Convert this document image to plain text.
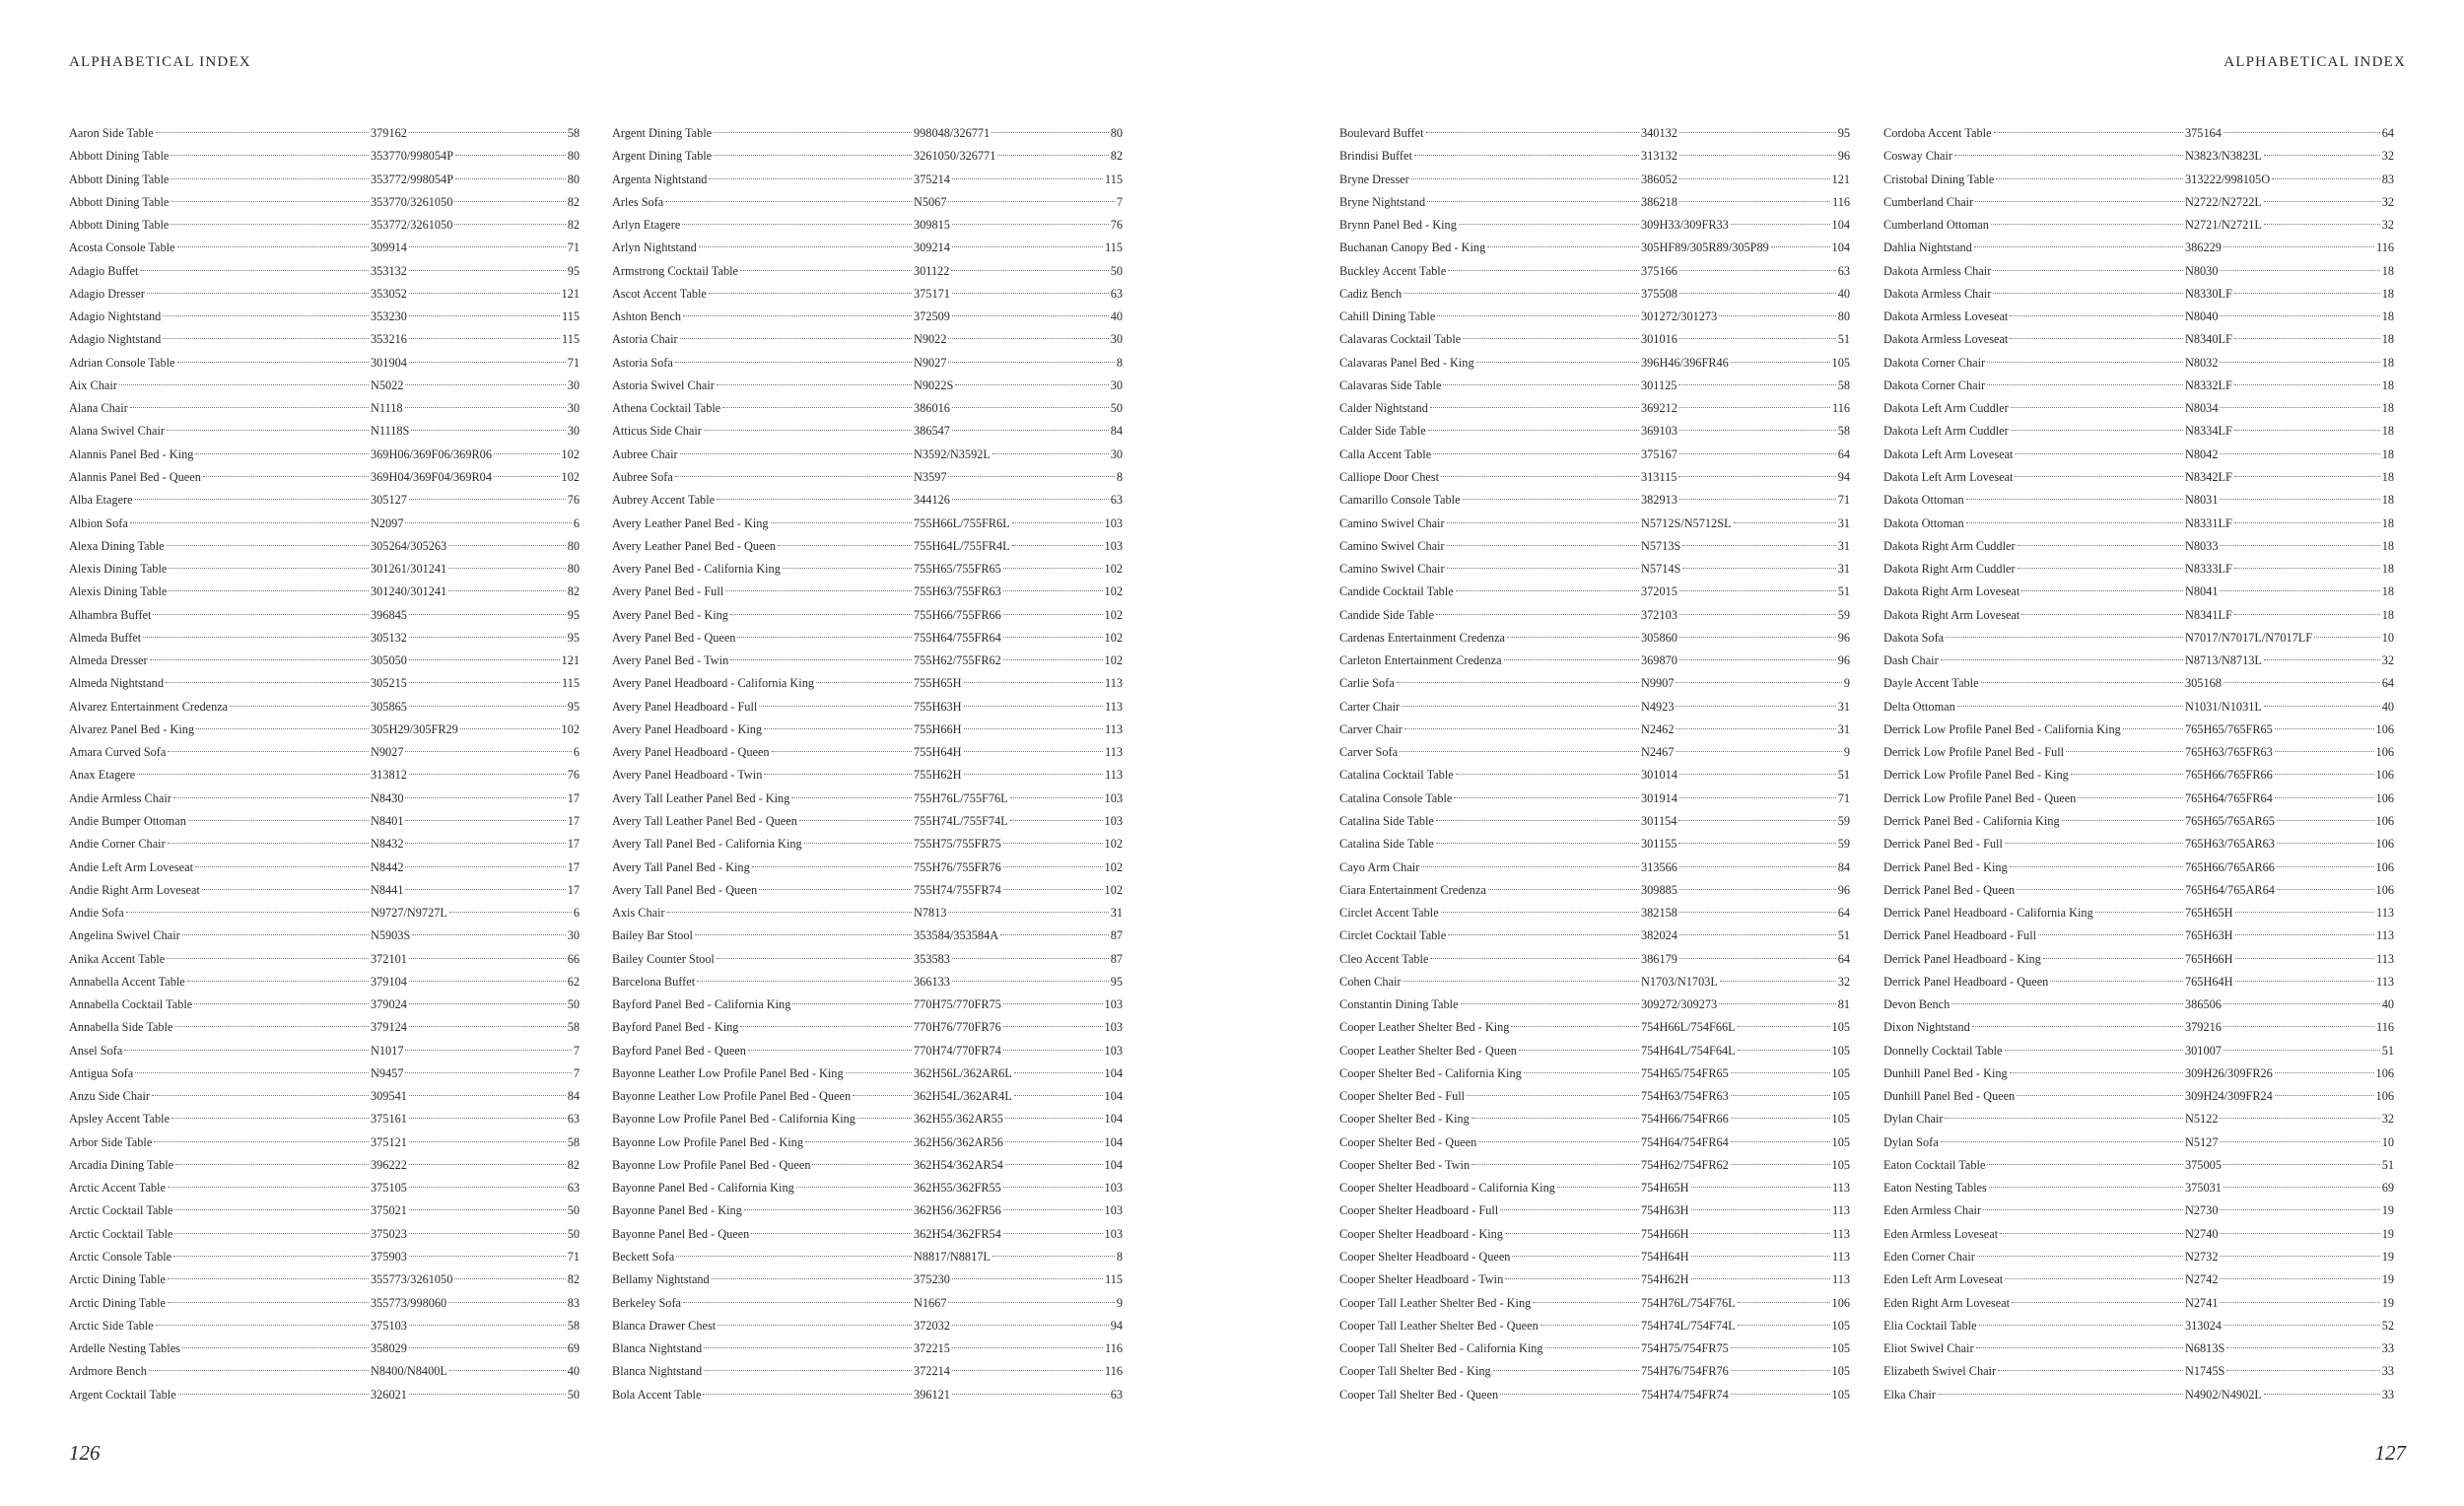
ALPHABETICAL INDEX	ALPHABETICAL INDEX
Aaron Side Table	379162	58
Abbott Dining Table	353770/998054P	80
Abbott Dining Table	353772/998054P	80
Abbott Dining Table	353770/3261050	82
Abbott Dining Table	353772/3261050	82
Acosta Console Table	309914	71
Adagio Buffet	353132	95
Adagio Dresser	353052	121
Adagio Nightstand	353230	115
Adagio Nightstand	353216	115
Adrian Console Table	301904	71
Aix Chair	N5022	30
Alana Chair	N1118	30
Alana Swivel Chair	N1118S	30
Alannis Panel Bed - King	369H06/369F06/369R06	102
Alannis Panel Bed - Queen	369H04/369F04/369R04	102
Alba Etagere	305127	76
Albion Sofa	N2097	6
Alexa Dining Table	305264/305263	80
Alexis Dining Table	301261/301241	80
Alexis Dining Table	301240/301241	82
Alhambra Buffet	396845	95
Almeda Buffet	305132	95
Almeda Dresser	305050	121
Almeda Nightstand	305215	115
Alvarez Entertainment Credenza	305865	95
Alvarez Panel Bed - King	305H29/305FR29	102
Amara Curved Sofa	N9027	6
Anax Etagere	313812	76
Andie Armless Chair	N8430	17
Andie Bumper Ottoman	N8401	17
Andie Corner Chair	N8432	17
Andie Left Arm Loveseat	N8442	17
Andie Right Arm Loveseat	N8441	17
Andie Sofa	N9727/N9727L	6
Angelina Swivel Chair	N5903S	30
Anika Accent Table	372101	66
Annabella Accent Table	379104	62
Annabella Cocktail Table	379024	50
Annabella Side Table	379124	58
Ansel Sofa	N1017	7
Antigua Sofa	N9457	7
Anzu Side Chair	309541	84
Apsley Accent Table	375161	63
Arbor Side Table	375121	58
Arcadia Dining Table	396222	82
Arctic Accent Table	375105	63
Arctic Cocktail Table	375021	50
Arctic Cocktail Table	375023	50
Arctic Console Table	375903	71
Arctic Dining Table	355773/3261050	82
Arctic Dining Table	355773/998060	83
Arctic Side Table	375103	58
Ardelle Nesting Tables	358029	69
Ardmore Bench	N8400/N8400L	40
Argent Cocktail Table	326021	50
Argent Dining Table	998048/326771	80
Argent Dining Table	3261050/326771	82
Argenta Nightstand	375214	115
Arles Sofa	N5067	7
Arlyn Etagere	309815	76
Arlyn Nightstand	309214	115
Armstrong Cocktail Table	301122	50
Ascot Accent Table	375171	63
Ashton Bench	372509	40
Astoria Chair	N9022	30
Astoria Sofa	N9027	8
Astoria Swivel Chair	N9022S	30
Athena Cocktail Table	386016	50
Atticus Side Chair	386547	84
Aubree Chair	N3592/N3592L	30
Aubree Sofa	N3597	8
Aubrey Accent Table	344126	63
Avery Leather Panel Bed - King	755H66L/755FR6L	103
Avery Leather Panel Bed - Queen	755H64L/755FR4L	103
Avery Panel Bed - California King	755H65/755FR65	102
Avery Panel Bed - Full	755H63/755FR63	102
Avery Panel Bed - King	755H66/755FR66	102
Avery Panel Bed - Queen	755H64/755FR64	102
Avery Panel Bed - Twin	755H62/755FR62	102
Avery Panel Headboard - California King	755H65H	113
Avery Panel Headboard - Full	755H63H	113
Avery Panel Headboard - King	755H66H	113
Avery Panel Headboard - Queen	755H64H	113
Avery Panel Headboard - Twin	755H62H	113
Avery Tall Leather Panel Bed - King	755H76L/755F76L	103
Avery Tall Leather Panel Bed - Queen	755H74L/755F74L	103
Avery Tall Panel Bed - California King	755H75/755FR75	102
Avery Tall Panel Bed - King	755H76/755FR76	102
Avery Tall Panel Bed - Queen	755H74/755FR74	102
Axis Chair	N7813	31
Bailey Bar Stool	353584/353584A	87
Bailey Counter Stool	353583	87
Barcelona Buffet	366133	95
Bayford Panel Bed - California King	770H75/770FR75	103
Bayford Panel Bed - King	770H76/770FR76	103
Bayford Panel Bed - Queen	770H74/770FR74	103
Bayonne Leather Low Profile Panel Bed - King	362H56L/362AR6L	104
Bayonne Leather Low Profile Panel Bed - Queen	362H54L/362AR4L	104
Bayonne Low Profile Panel Bed - California King	362H55/362AR55	104
Bayonne Low Profile Panel Bed - King	362H56/362AR56	104
Bayonne Low Profile Panel Bed - Queen	362H54/362AR54	104
Bayonne Panel Bed - California King	362H55/362FR55	103
Bayonne Panel Bed - King	362H56/362FR56	103
Bayonne Panel Bed - Queen	362H54/362FR54	103
Beckett Sofa	N8817/N8817L	8
Bellamy Nightstand	375230	115
Berkeley Sofa	N1667	9
Blanca Drawer Chest	372032	94
Blanca Nightstand	372215	116
Blanca Nightstand	372214	116
Bola Accent Table	396121	63
Boulevard Buffet	340132	95
Brindisi Buffet	313132	96
Bryne Dresser	386052	121
Bryne Nightstand	386218	116
Brynn Panel Bed - King	309H33/309FR33	104
Buchanan Canopy Bed - King	305HF89/305R89/305P89	104
Buckley Accent Table	375166	63
Cadiz Bench	375508	40
Cahill Dining Table	301272/301273	80
Calavaras Cocktail Table	301016	51
Calavaras Panel Bed - King	396H46/396FR46	105
Calavaras Side Table	301125	58
Calder Nightstand	369212	116
Calder Side Table	369103	58
Calla Accent Table	375167	64
Calliope Door Chest	313115	94
Camarillo Console Table	382913	71
Camino Swivel Chair	N5712S/N5712SL	31
Camino Swivel Chair	N5713S	31
Camino Swivel Chair	N5714S	31
Candide Cocktail Table	372015	51
Candide Side Table	372103	59
Cardenas Entertainment Credenza	305860	96
Carleton Entertainment Credenza	369870	96
Carlie Sofa	N9907	9
Carter Chair	N4923	31
Carver Chair	N2462	31
Carver Sofa	N2467	9
Catalina Cocktail Table	301014	51
Catalina Console Table	301914	71
Catalina Side Table	301154	59
Catalina Side Table	301155	59
Cayo Arm Chair	313566	84
Ciara Entertainment Credenza	309885	96
Circlet Accent Table	382158	64
Circlet Cocktail Table	382024	51
Cleo Accent Table	386179	64
Cohen Chair	N1703/N1703L	32
Constantin Dining Table	309272/309273	81
Cooper Leather Shelter Bed - King	754H66L/754F66L	105
Cooper Leather Shelter Bed - Queen	754H64L/754F64L	105
Cooper Shelter Bed - California King	754H65/754FR65	105
Cooper Shelter Bed - Full	754H63/754FR63	105
Cooper Shelter Bed - King	754H66/754FR66	105
Cooper Shelter Bed - Queen	754H64/754FR64	105
Cooper Shelter Bed - Twin	754H62/754FR62	105
Cooper Shelter Headboard - California King	754H65H	113
Cooper Shelter Headboard - Full	754H63H	113
Cooper Shelter Headboard - King	754H66H	113
Cooper Shelter Headboard - Queen	754H64H	113
Cooper Shelter Headboard - Twin	754H62H	113
Cooper Tall Leather Shelter Bed - King	754H76L/754F76L	106
Cooper Tall Leather Shelter Bed - Queen	754H74L/754F74L	105
Cooper Tall Shelter Bed - California King	754H75/754FR75	105
Cooper Tall Shelter Bed - King	754H76/754FR76	105
Cooper Tall Shelter Bed - Queen	754H74/754FR74	105
Cordoba Accent Table	375164	64
Cosway Chair	N3823/N3823L	32
Cristobal Dining Table	313222/998105O	83
Cumberland Chair	N2722/N2722L	32
Cumberland Ottoman	N2721/N2721L	32
Dahlia Nightstand	386229	116
Dakota Armless Chair	N8030	18
Dakota Armless Chair	N8330LF	18
Dakota Armless Loveseat	N8040	18
Dakota Armless Loveseat	N8340LF	18
Dakota Corner Chair	N8032	18
Dakota Corner Chair	N8332LF	18
Dakota Left Arm Cuddler	N8034	18
Dakota Left Arm Cuddler	N8334LF	18
Dakota Left Arm Loveseat	N8042	18
Dakota Left Arm Loveseat	N8342LF	18
Dakota Ottoman	N8031	18
Dakota Ottoman	N8331LF	18
Dakota Right Arm Cuddler	N8033	18
Dakota Right Arm Cuddler	N8333LF	18
Dakota Right Arm Loveseat	N8041	18
Dakota Right Arm Loveseat	N8341LF	18
Dakota Sofa	N7017/N7017L/N7017LF	10
Dash Chair	N8713/N8713L	32
Dayle Accent Table	305168	64
Delta Ottoman	N1031/N1031L	40
Derrick Low Profile Panel Bed - California King	765H65/765FR65	106
Derrick Low Profile Panel Bed - Full	765H63/765FR63	106
Derrick Low Profile Panel Bed - King	765H66/765FR66	106
Derrick Low Profile Panel Bed - Queen	765H64/765FR64	106
Derrick Panel Bed - California King	765H65/765AR65	106
Derrick Panel Bed - Full	765H63/765AR63	106
Derrick Panel Bed - King	765H66/765AR66	106
Derrick Panel Bed - Queen	765H64/765AR64	106
Derrick Panel Headboard - California King	765H65H	113
Derrick Panel Headboard - Full	765H63H	113
Derrick Panel Headboard - King	765H66H	113
Derrick Panel Headboard - Queen	765H64H	113
Devon Bench	386506	40
Dixon Nightstand	379216	116
Donnelly Cocktail Table	301007	51
Dunhill Panel Bed - King	309H26/309FR26	106
Dunhill Panel Bed - Queen	309H24/309FR24	106
Dylan Chair	N5122	32
Dylan Sofa	N5127	10
Eaton Cocktail Table	375005	51
Eaton Nesting Tables	375031	69
Eden Armless Chair	N2730	19
Eden Armless Loveseat	N2740	19
Eden Corner Chair	N2732	19
Eden Left Arm Loveseat	N2742	19
Eden Right Arm Loveseat	N2741	19
Elia Cocktail Table	313024	52
Eliot Swivel Chair	N6813S	33
Elizabeth Swivel Chair	N1745S	33
Elka Chair	N4902/N4902L	33
126	127
